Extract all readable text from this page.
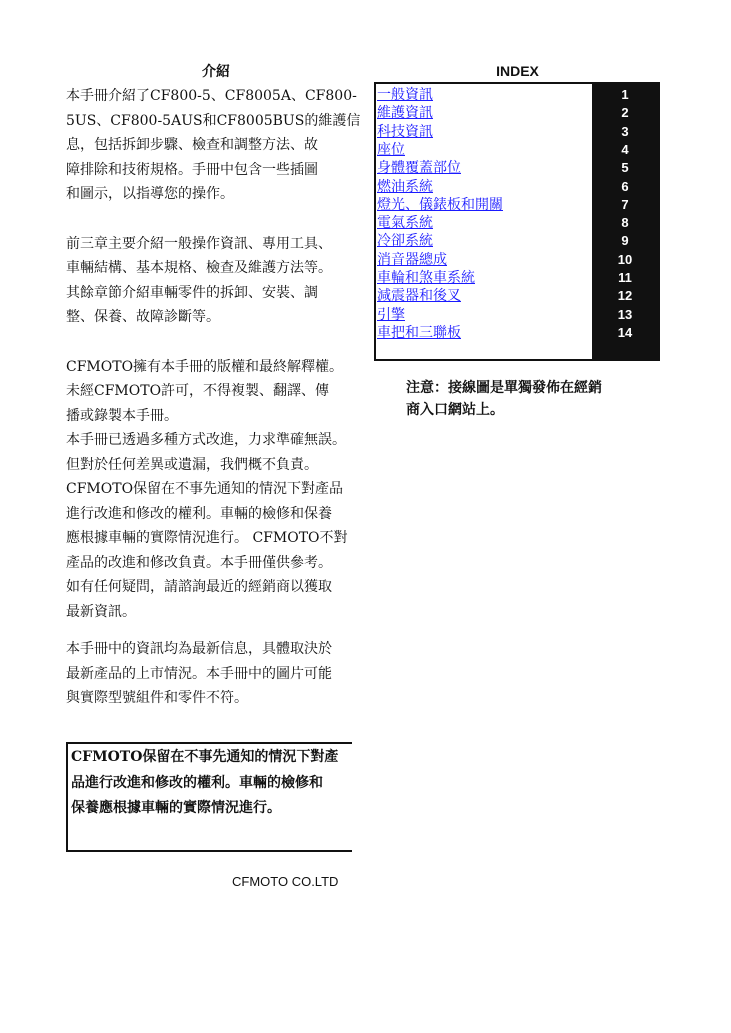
介紹

本手冊介紹了CF800-5、CF8005A、CF800-
5US、CF800-5AUS和CF8005BUS的維護信
息，包括拆卸步驟、檢查和調整方法、故
障排除和技術規格。手冊中包含一些插圖
和圖示，以指導您的操作。

前三章主要介紹一般操作資訊、專用工具、
車輛結構、基本規格、檢查及維護方法等。
其餘章節介紹車輛零件的拆卸、安裝、調
整、保養、故障診斷等。

CFMOTO擁有本手冊的版權和最終解釋權。
未經CFMOTO許可，不得複製、翻譯、傳
播或錄製本手冊。

本手冊已透過多種方式改進，力求準確無誤。
但對於任何差異或遺漏，我們概不負責。

CFMOTO保留在不事先通知的情況下對產品
進行改進和修改的權利。車輛的檢修和保養
應根據車輛的實際情況進行。 CFMOTO不對
產品的改進和修改負責。本手冊僅供參考。
如有任何疑問，請諮詢最近的經銷商以獲取
最新資訊。

本手冊中的資訊均為最新信息，具體取決於
最新產品的上市情況。本手冊中的圖片可能
與實際型號組件和零件不符。

CFMOTO保留在不事先通知的情況下對產
品進行改進和修改的權利。車輛的檢修和
保養應根據車輛的實際情況進行。
CFMOTO CO.LTD
INDEX
一般資訊	1
維護資訊	2
科技資訊	3
座位	4
身體覆蓋部位	5
燃油系統	6
燈光、儀錶板和開關	7
電氣系統	8
冷卻系統	9
消音器總成	10
車輪和煞車系統	11
減震器和後叉	12
引擎	13
車把和三聯板	14
注意：接線圖是單獨發佈在經銷
商入口網站上。
